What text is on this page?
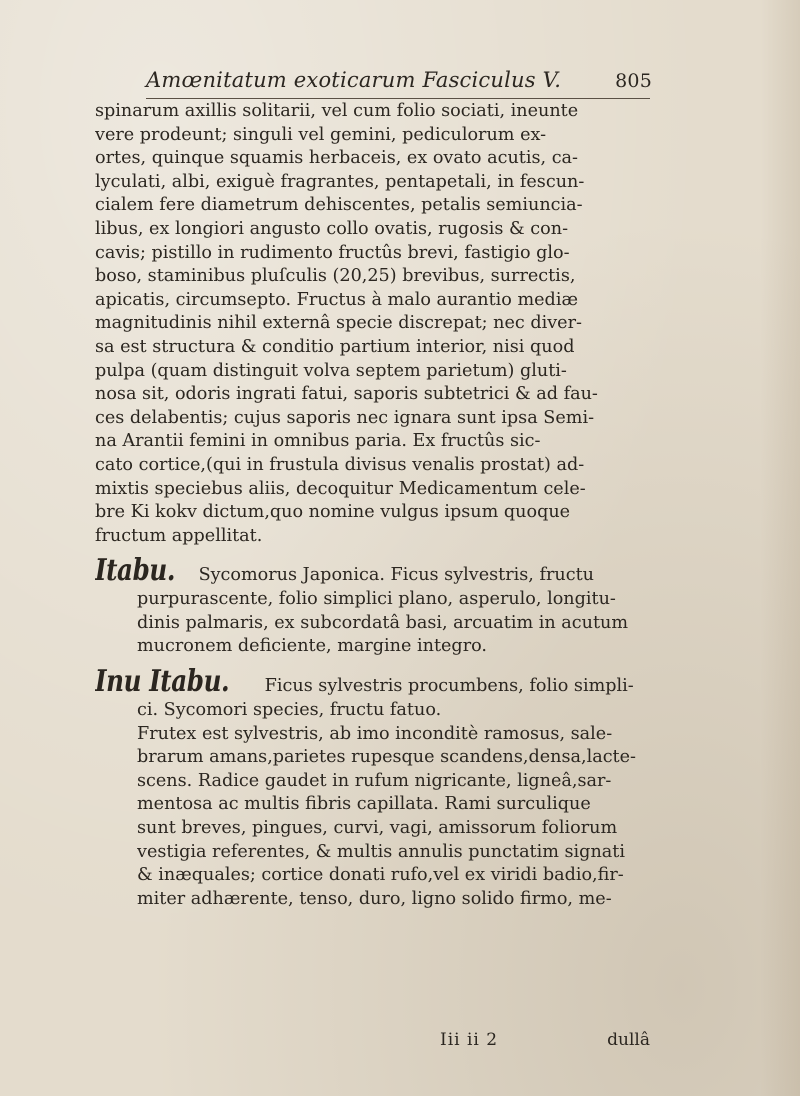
Amœnitatum exoticarum Fasciculus V.	805
spinarum axillis solitarii, vel cum folio sociati, ineunte
vere prodeunt; singuli vel gemini, pediculorum ex-
ortes, quinque squamis herbaceis, ex ovato acutis, ca-
lyculati, albi, exiguè fragrantes, pentapetali, in fescun-
cialem fere diametrum dehiscentes, petalis semiuncia-
libus, ex longiori angusto collo ovatis, rugosis & con-
cavis; pistillo in rudimento fructûs brevi, fastigio glo-
boso, staminibus pluſculis (20,25) brevibus, surrectis,
apicatis, circumsepto. Fructus à malo aurantio mediæ
magnitudinis nihil externâ specie discrepat; nec diver-
sa est structura & conditio partium interior, nisi quod
pulpa (quam distinguit volva septem parietum) gluti-
nosa sit, odoris ingrati fatui, saporis subtetrici & ad fau-
ces delabentis; cujus saporis nec ignara sunt ipsa Semi-
na Arantii femini in omnibus paria. Ex fructûs sic-
cato cortice,(qui in frustula divisus venalis prostat) ad-
mixtis speciebus aliis, decoquitur Medicamentum cele-
bre Ki kokv dictum,quo nomine vulgus ipsum quoque
fructum appellitat.
Itabu. Sycomorus Japonica. Ficus sylvestris, fructu
purpurascente, folio simplici plano, asperulo, longitu-
dinis palmaris, ex subcordatâ basi, arcuatim in acutum
mucronem deficiente, margine integro.
Inu Itabu. Ficus sylvestris procumbens, folio simpli-
ci. Sycomori species, fructu fatuo.
Frutex est sylvestris, ab imo inconditè ramosus, sale-
brarum amans,parietes rupesque scandens,densa,lacte-
scens. Radice gaudet in rufum nigricante, ligneâ,sar-
mentosa ac multis fibris capillata. Rami surculique
sunt breves, pingues, curvi, vagi, amissorum foliorum
vestigia referentes, & multis annulis punctatim signati
& inæquales; cortice donati rufo,vel ex viridi badio,fir-
miter adhærente, tenso, duro, ligno solido firmo, me-
Iii ii 2	dullâ
